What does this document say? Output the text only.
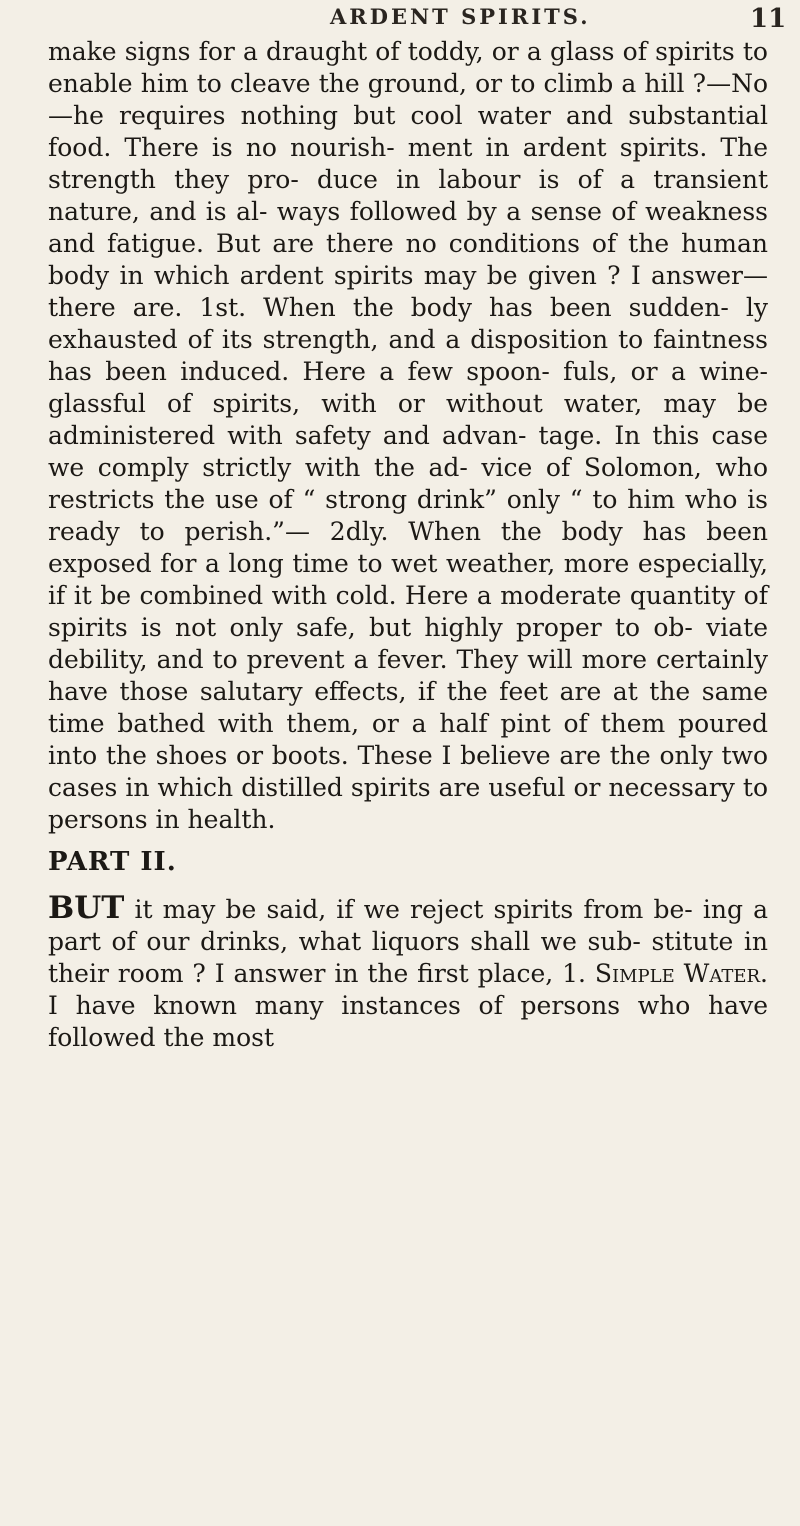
ARDENT SPIRITS.	11

make signs for a draught of toddy, or a glass of spirits to enable him to cleave the ground, or to climb a hill ?—No—he requires nothing but cool water and substantial food. There is no nourish- ment in ardent spirits. The strength they pro- duce in labour is of a transient nature, and is al- ways followed by a sense of weakness and fatigue. But are there no conditions of the human body in which ardent spirits may be given ? I answer— there are. 1st. When the body has been sudden- ly exhausted of its strength, and a disposition to faintness has been induced. Here a few spoon- fuls, or a wine-glassful of spirits, with or without water, may be administered with safety and advan- tage. In this case we comply strictly with the ad- vice of Solomon, who restricts the use of “ strong drink” only “ to him who is ready to perish.”— 2dly. When the body has been exposed for a long time to wet weather, more especially, if it be combined with cold. Here a moderate quantity of spirits is not only safe, but highly proper to ob- viate debility, and to prevent a fever. They will more certainly have those salutary effects, if the feet are at the same time bathed with them, or a half pint of them poured into the shoes or boots. These I believe are the only two cases in which distilled spirits are useful or necessary to persons in health.

PART II.

BUT it may be said, if we reject spirits from be- ing a part of our drinks, what liquors shall we sub- stitute in their room ? I answer in the first place, 1. Simple Water. I have known many instances of persons who have followed the most
